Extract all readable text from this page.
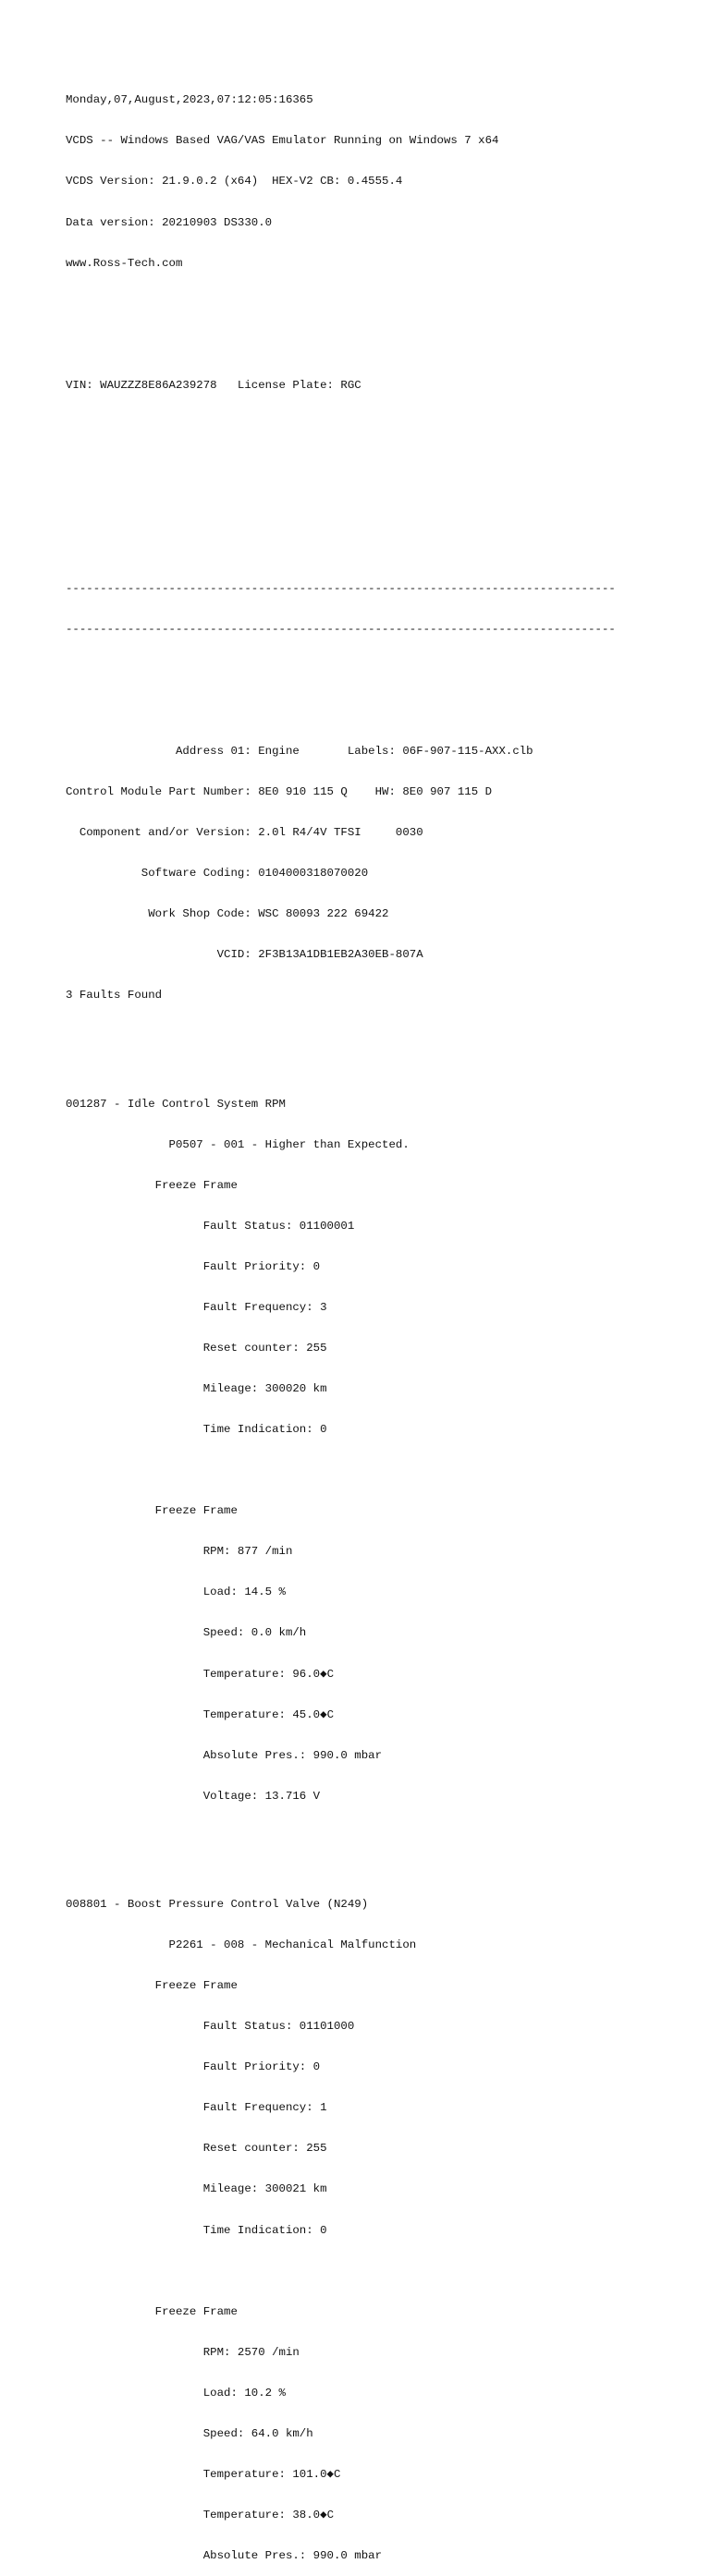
Monday,07,August,2023,07:12:05:16365

VCDS -- Windows Based VAG/VAS Emulator Running on Windows 7 x64

VCDS Version: 21.9.0.2 (x64)  HEX-V2 CB: 0.4555.4

Data version: 20210903 DS330.0

www.Ross-Tech.com

VIN: WAUZZZ8E86A239278   License Plate: RGC

--------------------------------------------------------------------------------

--------------------------------------------------------------------------------

Address 01: Engine       Labels: 06F-907-115-AXX.clb

Control Module Part Number: 8E0 910 115 Q    HW: 8E0 907 115 D

Component and/or Version: 2.0l R4/4V TFSI     0030

Software Coding: 0104000318070020

Work Shop Code: WSC 80093 222 69422

VCID: 2F3B13A1DB1EB2A30EB-807A

3 Faults Found

001287 - Idle Control System RPM

P0507 - 001 - Higher than Expected.

Freeze Frame

Fault Status: 01100001

Fault Priority: 0

Fault Frequency: 3

Reset counter: 255

Mileage: 300020 km

Time Indication: 0

Freeze Frame

RPM: 877 /min

Load: 14.5 %

Speed: 0.0 km/h

Temperature: 96.0◆C

Temperature: 45.0◆C

Absolute Pres.: 990.0 mbar

Voltage: 13.716 V

008801 - Boost Pressure Control Valve (N249)

P2261 - 008 - Mechanical Malfunction

Freeze Frame

Fault Status: 01101000

Fault Priority: 0

Fault Frequency: 1

Reset counter: 255

Mileage: 300021 km

Time Indication: 0

Freeze Frame

RPM: 2570 /min

Load: 10.2 %

Speed: 64.0 km/h

Temperature: 101.0◆C

Temperature: 38.0◆C

Absolute Pres.: 990.0 mbar
